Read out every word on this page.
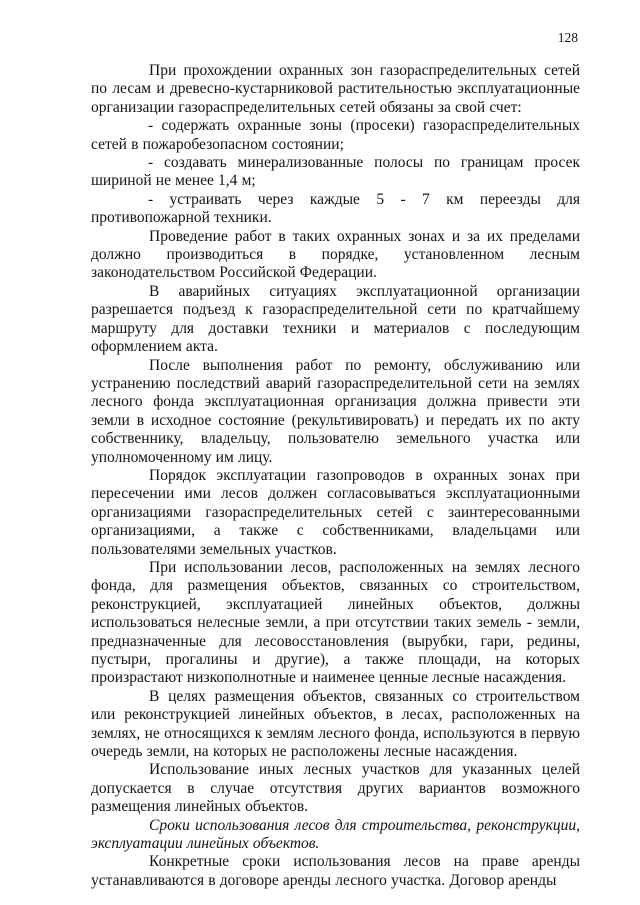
128

При прохождении охранных зон газораспределительных сетей по лесам и древесно-кустарниковой растительностью эксплуатационные организации газораспределительных сетей обязаны за свой счет:

- содержать охранные зоны (просеки) газораспределительных сетей в пожаробезопасном состоянии;

- создавать минерализованные полосы по границам просек шириной не менее 1,4 м;

- устраивать через каждые 5 - 7 км переезды для противопожарной техники.

Проведение работ в таких охранных зонах и за их пределами должно производиться в порядке, установленном лесным законодательством Российской Федерации.

В аварийных ситуациях эксплуатационной организации разрешается подъезд к газораспределительной сети по кратчайшему маршруту для доставки техники и материалов с последующим оформлением акта.

После выполнения работ по ремонту, обслуживанию или устранению последствий аварий газораспределительной сети на землях лесного фонда эксплуатационная организация должна привести эти земли в исходное состояние (рекультивировать) и передать их по акту собственнику, владельцу, пользователю земельного участка или уполномоченному им лицу.

Порядок эксплуатации газопроводов в охранных зонах при пересечении ими лесов должен согласовываться эксплуатационными организациями газораспределительных сетей с заинтересованными организациями, а также с собственниками, владельцами или пользователями земельных участков.

При использовании лесов, расположенных на землях лесного фонда, для размещения объектов, связанных со строительством, реконструкцией, эксплуатацией линейных объектов, должны использоваться нелесные земли, а при отсутствии таких земель - земли, предназначенные для лесовосстановления (вырубки, гари, редины, пустыри, прогалины и другие), а также площади, на которых произрастают низкополнотные и наименее ценные лесные насаждения.

В целях размещения объектов, связанных со строительством или реконструкцией линейных объектов, в лесах, расположенных на землях, не относящихся к землям лесного фонда, используются в первую очередь земли, на которых не расположены лесные насаждения.

Использование иных лесных участков для указанных целей допускается в случае отсутствия других вариантов возможного размещения линейных объектов.

Сроки использования лесов для строительства, реконструкции, эксплуатации линейных объектов.

Конкретные сроки использования лесов на праве аренды устанавливаются в договоре аренды лесного участка. Договор аренды
